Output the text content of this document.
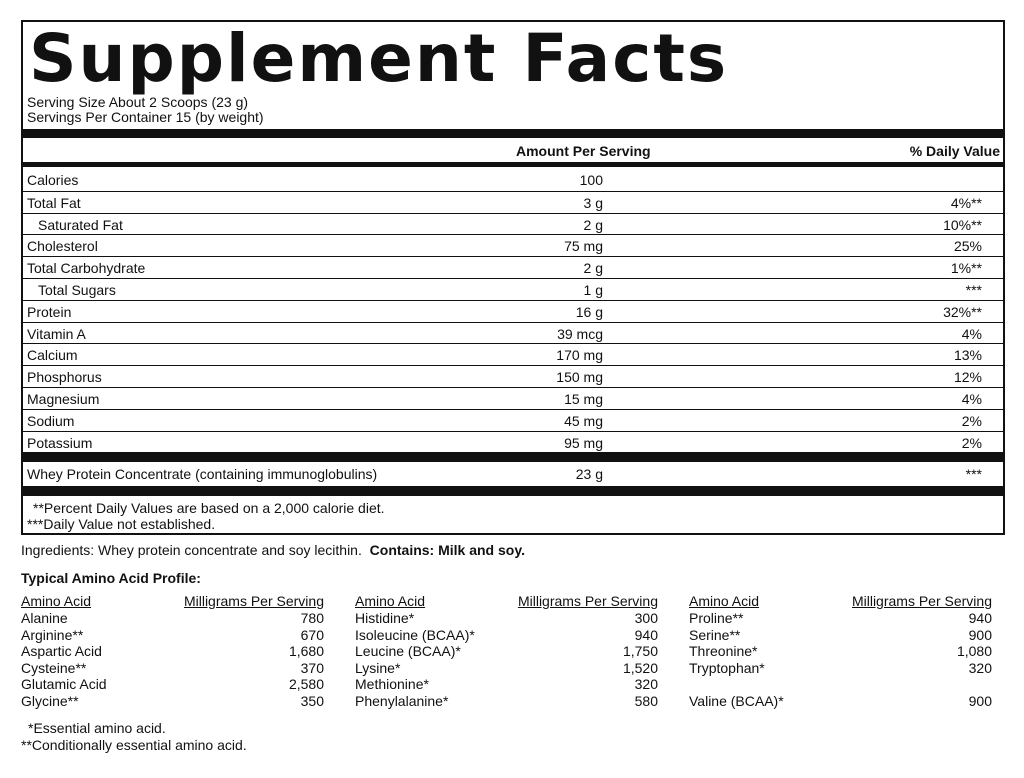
Supplement Facts
Serving Size About 2 Scoops (23 g)
Servings Per Container 15 (by weight)
Amount Per Serving	% Daily Value
Calories	100
Total Fat	3 g	4%**
Saturated Fat	2 g	10%**
Cholesterol	75 mg	25%
Total Carbohydrate	2 g	1%**
Total Sugars	1 g	***
Protein	16 g	32%**
Vitamin A	39 mcg	4%
Calcium	170 mg	13%
Phosphorus	150 mg	12%
Magnesium	15 mg	4%
Sodium	45 mg	2%
Potassium	95 mg	2%
Whey Protein Concentrate (containing immunoglobulins)	23 g	***
**Percent Daily Values are based on a 2,000 calorie diet.
***Daily Value not established.
Ingredients: Whey protein concentrate and soy lecithin. Contains: Milk and soy.
Typical Amino Acid Profile:
Amino Acid	Milligrams Per Serving
Alanine	780
Arginine**	670
Aspartic Acid	1,680
Cysteine**	370
Glutamic Acid	2,580
Glycine**	350
Amino Acid	Milligrams Per Serving
Histidine*	300
Isoleucine (BCAA)*	940
Leucine (BCAA)*	1,750
Lysine*	1,520
Methionine*	320
Phenylalanine*	580
Amino Acid	Milligrams Per Serving
Proline**	940
Serine**	900
Threonine*	1,080
Tryptophan*	320
Valine (BCAA)*	900
*Essential amino acid.
**Conditionally essential amino acid.
